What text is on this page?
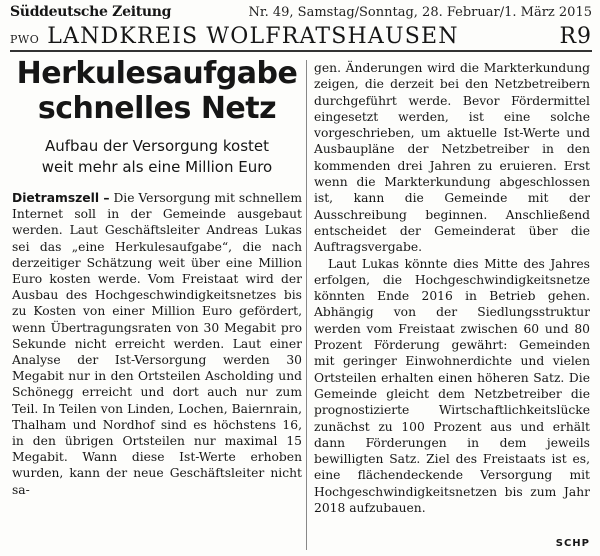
Süddeutsche Zeitung	Nr. 49, Samstag/Sonntag, 28. Februar/1. März 2015
PWO LANDKREIS WOLFRATSHAUSEN	R9
Herkulesaufgabe
schnelles Netz

Aufbau der Versorgung kostet
weit mehr als eine Million Euro

Dietramszell – Die Versorgung mit schnellem Internet soll in der Gemeinde ausgebaut werden. Laut Geschäftsleiter Andreas Lukas sei das „eine Herkulesaufgabe“, die nach derzeitiger Schätzung weit über eine Million Euro kosten werde. Vom Freistaat wird der Ausbau des Hochgeschwindigkeitsnetzes bis zu Kosten von einer Million Euro gefördert, wenn Übertragungsraten von 30 Megabit pro Sekunde nicht erreicht werden. Laut einer Analyse der Ist-Versorgung werden 30 Megabit nur in den Ortsteilen Ascholding und Schönegg erreicht und dort auch nur zum Teil. In Teilen von Linden, Lochen, Baiernrain, Thalham und Nordhof sind es höchstens 16, in den übrigen Ortsteilen nur maximal 15 Megabit. Wann diese Ist-Werte erhoben wurden, kann der neue Geschäftsleiter nicht sa-

gen. Änderungen wird die Markterkundung zeigen, die derzeit bei den Netzbetreibern durchgeführt werde. Bevor Fördermittel eingesetzt werden, ist eine solche vorgeschrieben, um aktuelle Ist-Werte und Ausbaupläne der Netzbetreiber in den kommenden drei Jahren zu eruieren. Erst wenn die Markterkundung abgeschlossen ist, kann die Gemeinde mit der Ausschreibung beginnen. Anschließend entscheidet der Gemeinderat über die Auftragsvergabe.

Laut Lukas könnte dies Mitte des Jahres erfolgen, die Hochgeschwindigkeitsnetze könnten Ende 2016 in Betrieb gehen. Abhängig von der Siedlungsstruktur werden vom Freistaat zwischen 60 und 80 Prozent Förderung gewährt: Gemeinden mit geringer Einwohnerdichte und vielen Ortsteilen erhalten einen höheren Satz. Die Gemeinde gleicht dem Netzbetreiber die prognostizierte Wirtschaftlichkeitslücke zunächst zu 100 Prozent aus und erhält dann Förderungen in dem jeweils bewilligten Satz. Ziel des Freistaats ist es, eine flächendeckende Versorgung mit Hochgeschwindigkeitsnetzen bis zum Jahr 2018 aufzubauen.

SCHP
